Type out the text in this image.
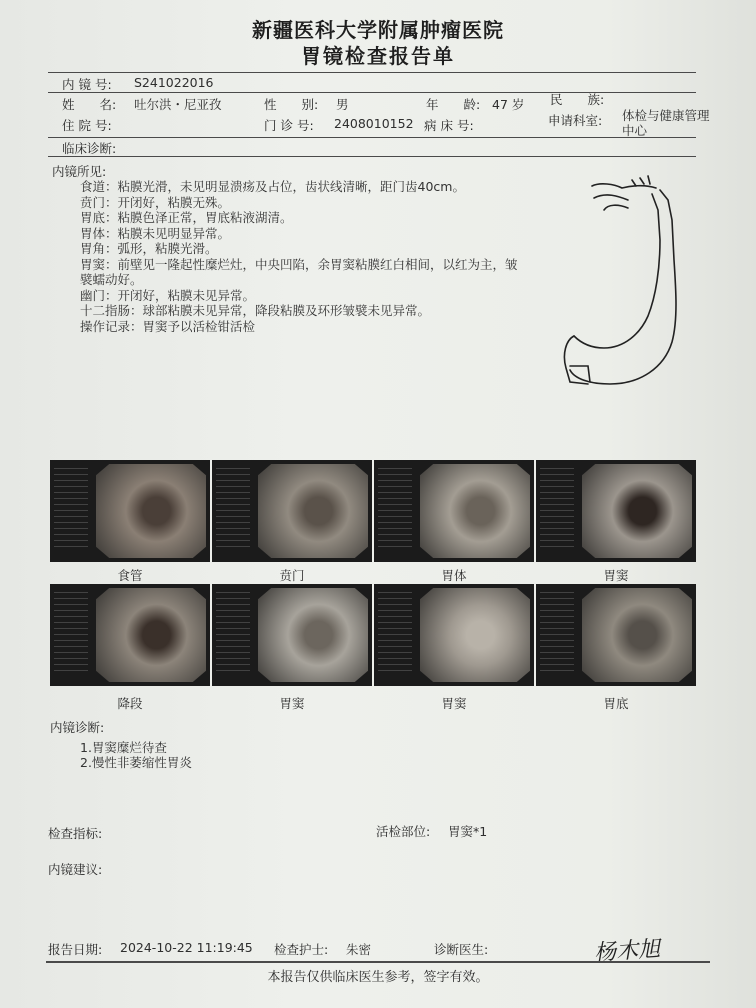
新疆医科大学附属肿瘤医院
胃镜检查报告单
内 镜 号: S241022016
姓　　名: 吐尔洪・尼亚孜	性　　别: 男	年　　龄: 47 岁 民　　族:
住 院 号:	门 诊 号: 2408010152 病 床 号:	申请科室: 体检与健康管理
中心
临床诊断:
内镜所见:
食道：粘膜光滑，未见明显溃疡及占位，齿状线清晰，距门齿40cm。
贲门：开闭好，粘膜无殊。
胃底：粘膜色泽正常，胃底粘液湖清。
胃体：粘膜未见明显异常。
胃角：弧形，粘膜光滑。
胃窦：前壁见一隆起性糜烂灶，中央凹陷，余胃窦粘膜红白相间，以红为主，皱襞蠕动好。
幽门：开闭好，粘膜未见异常。
十二指肠：球部粘膜未见异常，降段粘膜及环形皱襞未见异常。
操作记录：胃窦予以活检钳活检
食管	贲门	胃体	胃窦
降段	胃窦	胃窦	胃底
内镜诊断:
1.胃窦糜烂待查
2.慢性非萎缩性胃炎
检查指标:	活检部位: 胃窦*1
内镜建议:
报告日期: 2024-10-22 11:19:45 检查护士: 朱密	诊断医生:	杨木旭
本报告仅供临床医生参考，签字有效。
